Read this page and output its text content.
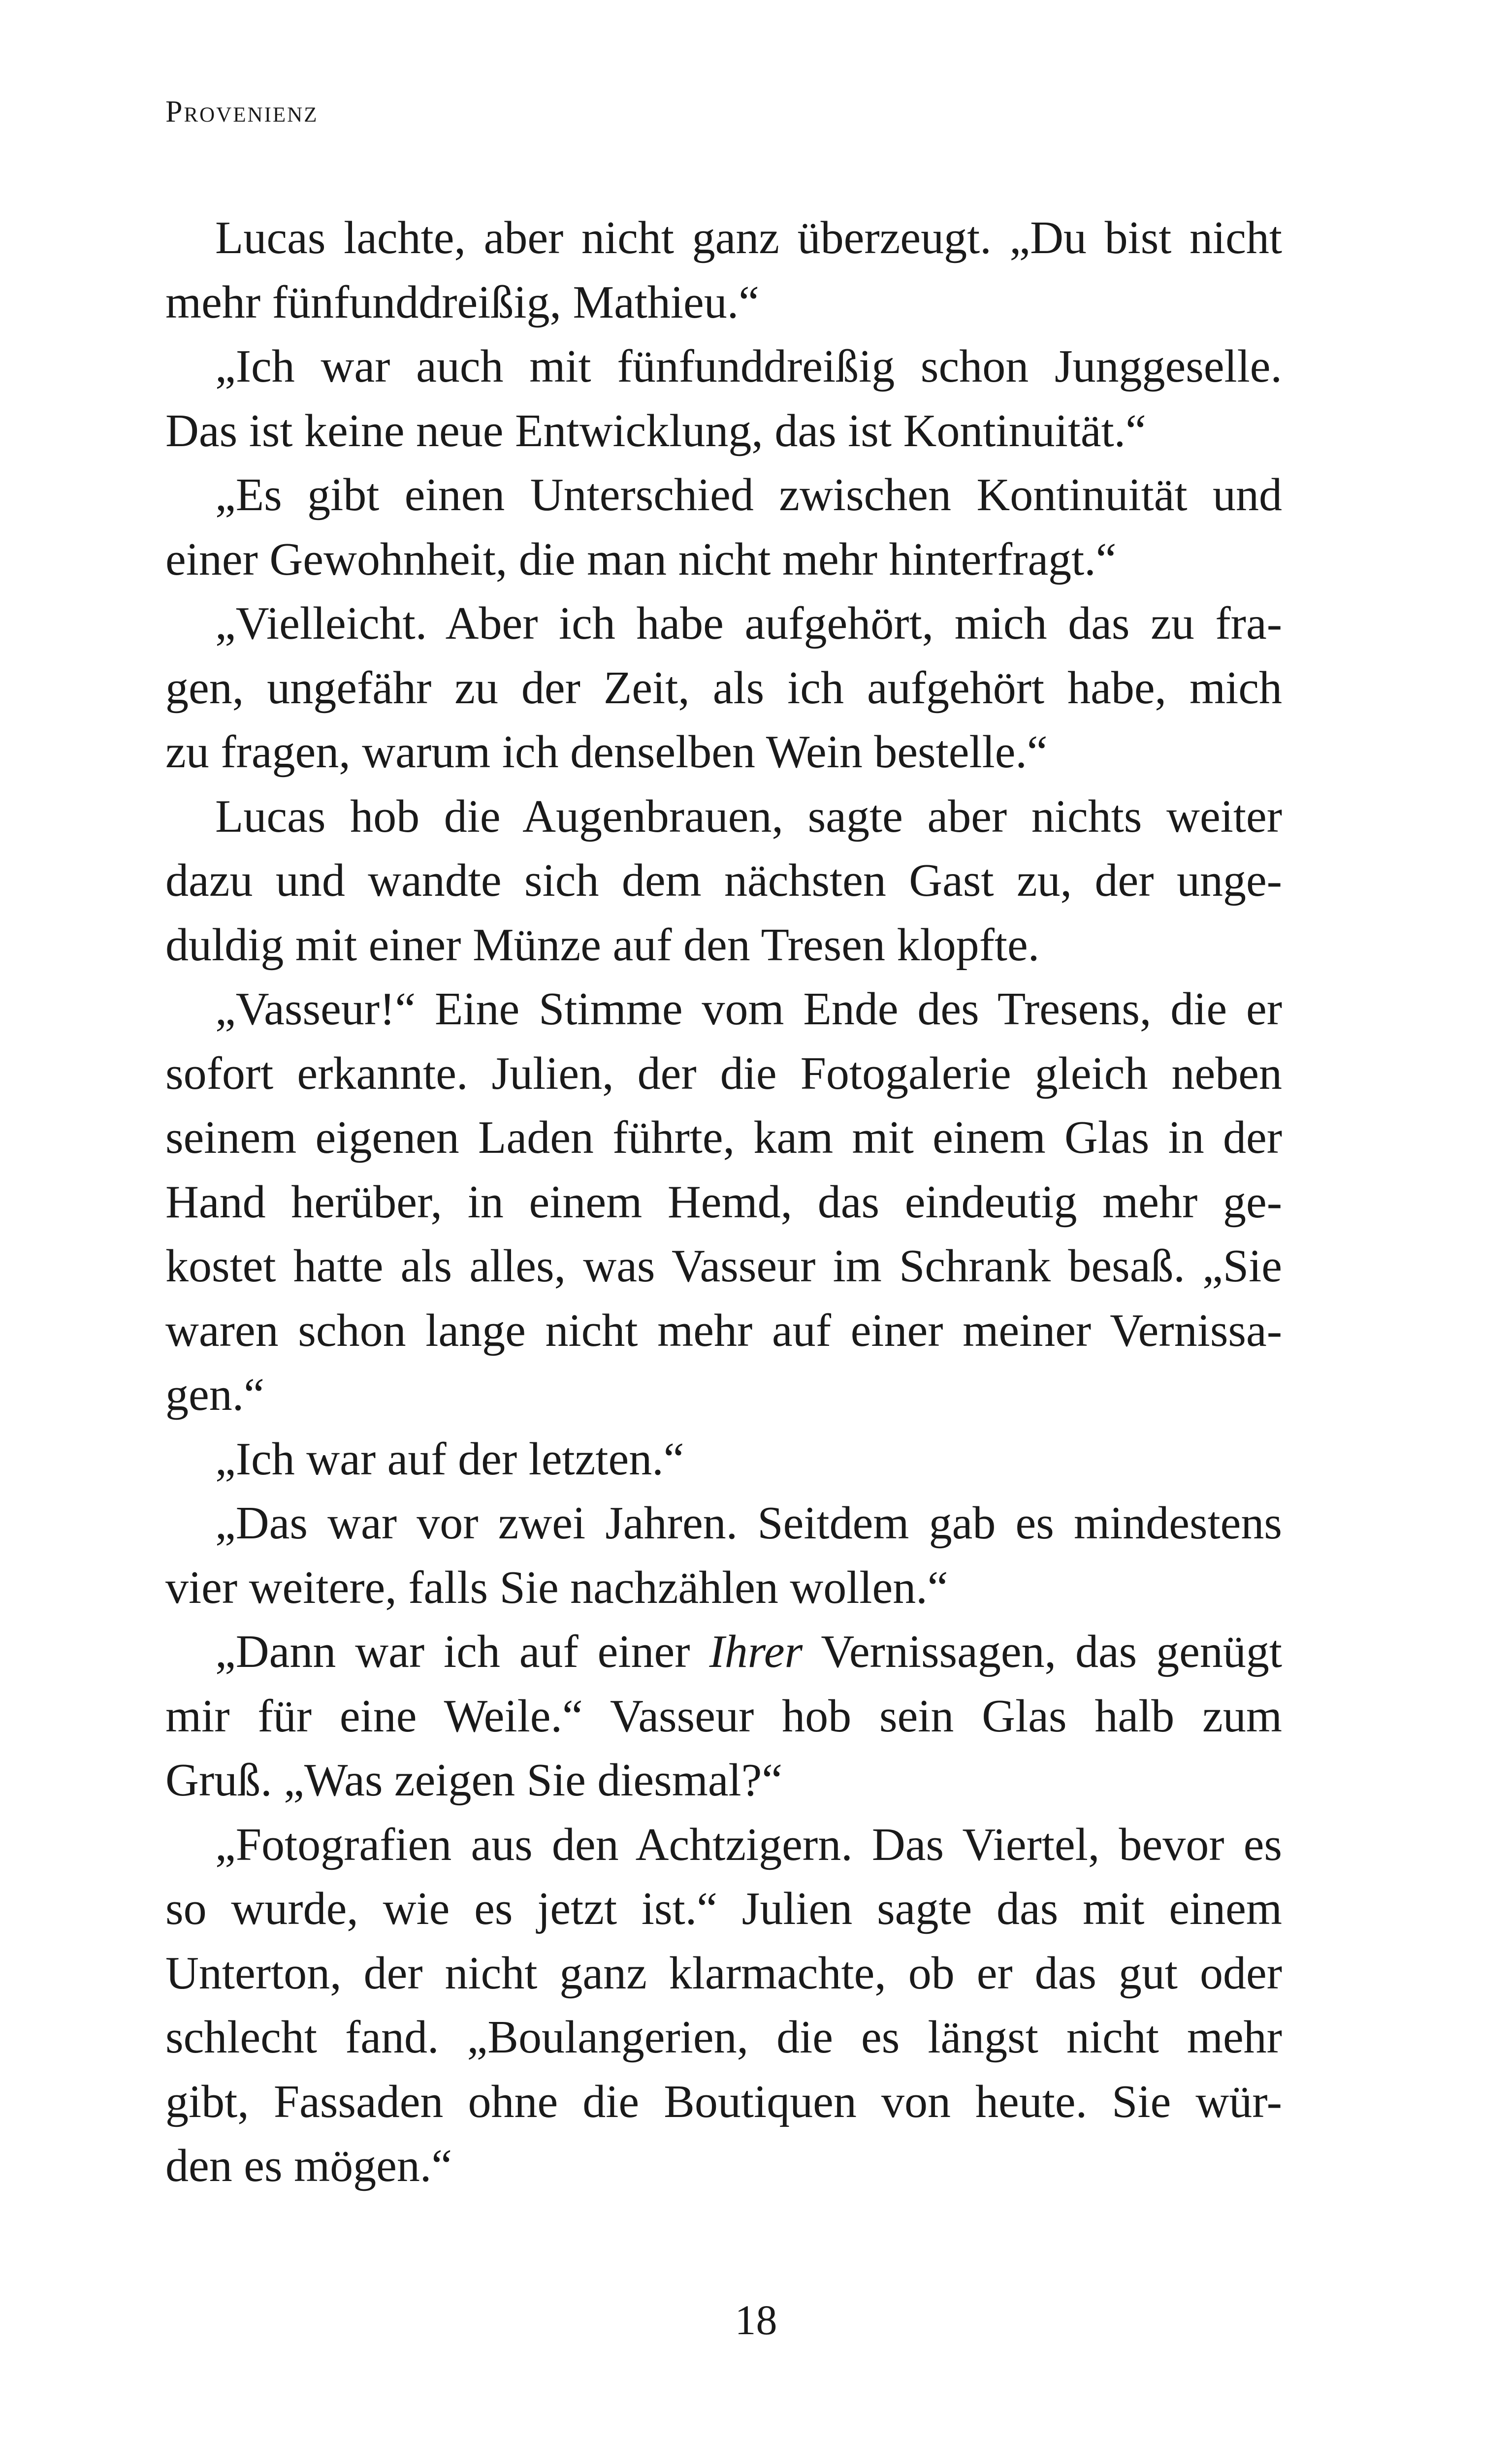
Provenienz
Lucas lachte, aber nicht ganz überzeugt. „Du bist nicht
mehr fünfunddreißig, Mathieu.“
„Ich war auch mit fünfunddreißig schon Junggeselle.
Das ist keine neue Entwicklung, das ist Kontinuität.“
„Es gibt einen Unterschied zwischen Kontinuität und
einer Gewohnheit, die man nicht mehr hinterfragt.“
„Vielleicht. Aber ich habe aufgehört, mich das zu fra-
gen, ungefähr zu der Zeit, als ich aufgehört habe, mich
zu fragen, warum ich denselben Wein bestelle.“
Lucas hob die Augenbrauen, sagte aber nichts weiter
dazu und wandte sich dem nächsten Gast zu, der unge-
duldig mit einer Münze auf den Tresen klopfte.
„Vasseur!“ Eine Stimme vom Ende des Tresens, die er
sofort erkannte. Julien, der die Fotogalerie gleich neben
seinem eigenen Laden führte, kam mit einem Glas in der
Hand herüber, in einem Hemd, das eindeutig mehr ge-
kostet hatte als alles, was Vasseur im Schrank besaß. „Sie
waren schon lange nicht mehr auf einer meiner Vernissa-
gen.“
„Ich war auf der letzten.“
„Das war vor zwei Jahren. Seitdem gab es mindestens
vier weitere, falls Sie nachzählen wollen.“
„Dann war ich auf einer Ihrer Vernissagen, das genügt
mir für eine Weile.“ Vasseur hob sein Glas halb zum
Gruß. „Was zeigen Sie diesmal?“
„Fotografien aus den Achtzigern. Das Viertel, bevor es
so wurde, wie es jetzt ist.“ Julien sagte das mit einem
Unterton, der nicht ganz klarmachte, ob er das gut oder
schlecht fand. „Boulangerien, die es längst nicht mehr
gibt, Fassaden ohne die Boutiquen von heute. Sie wür-
den es mögen.“
18
